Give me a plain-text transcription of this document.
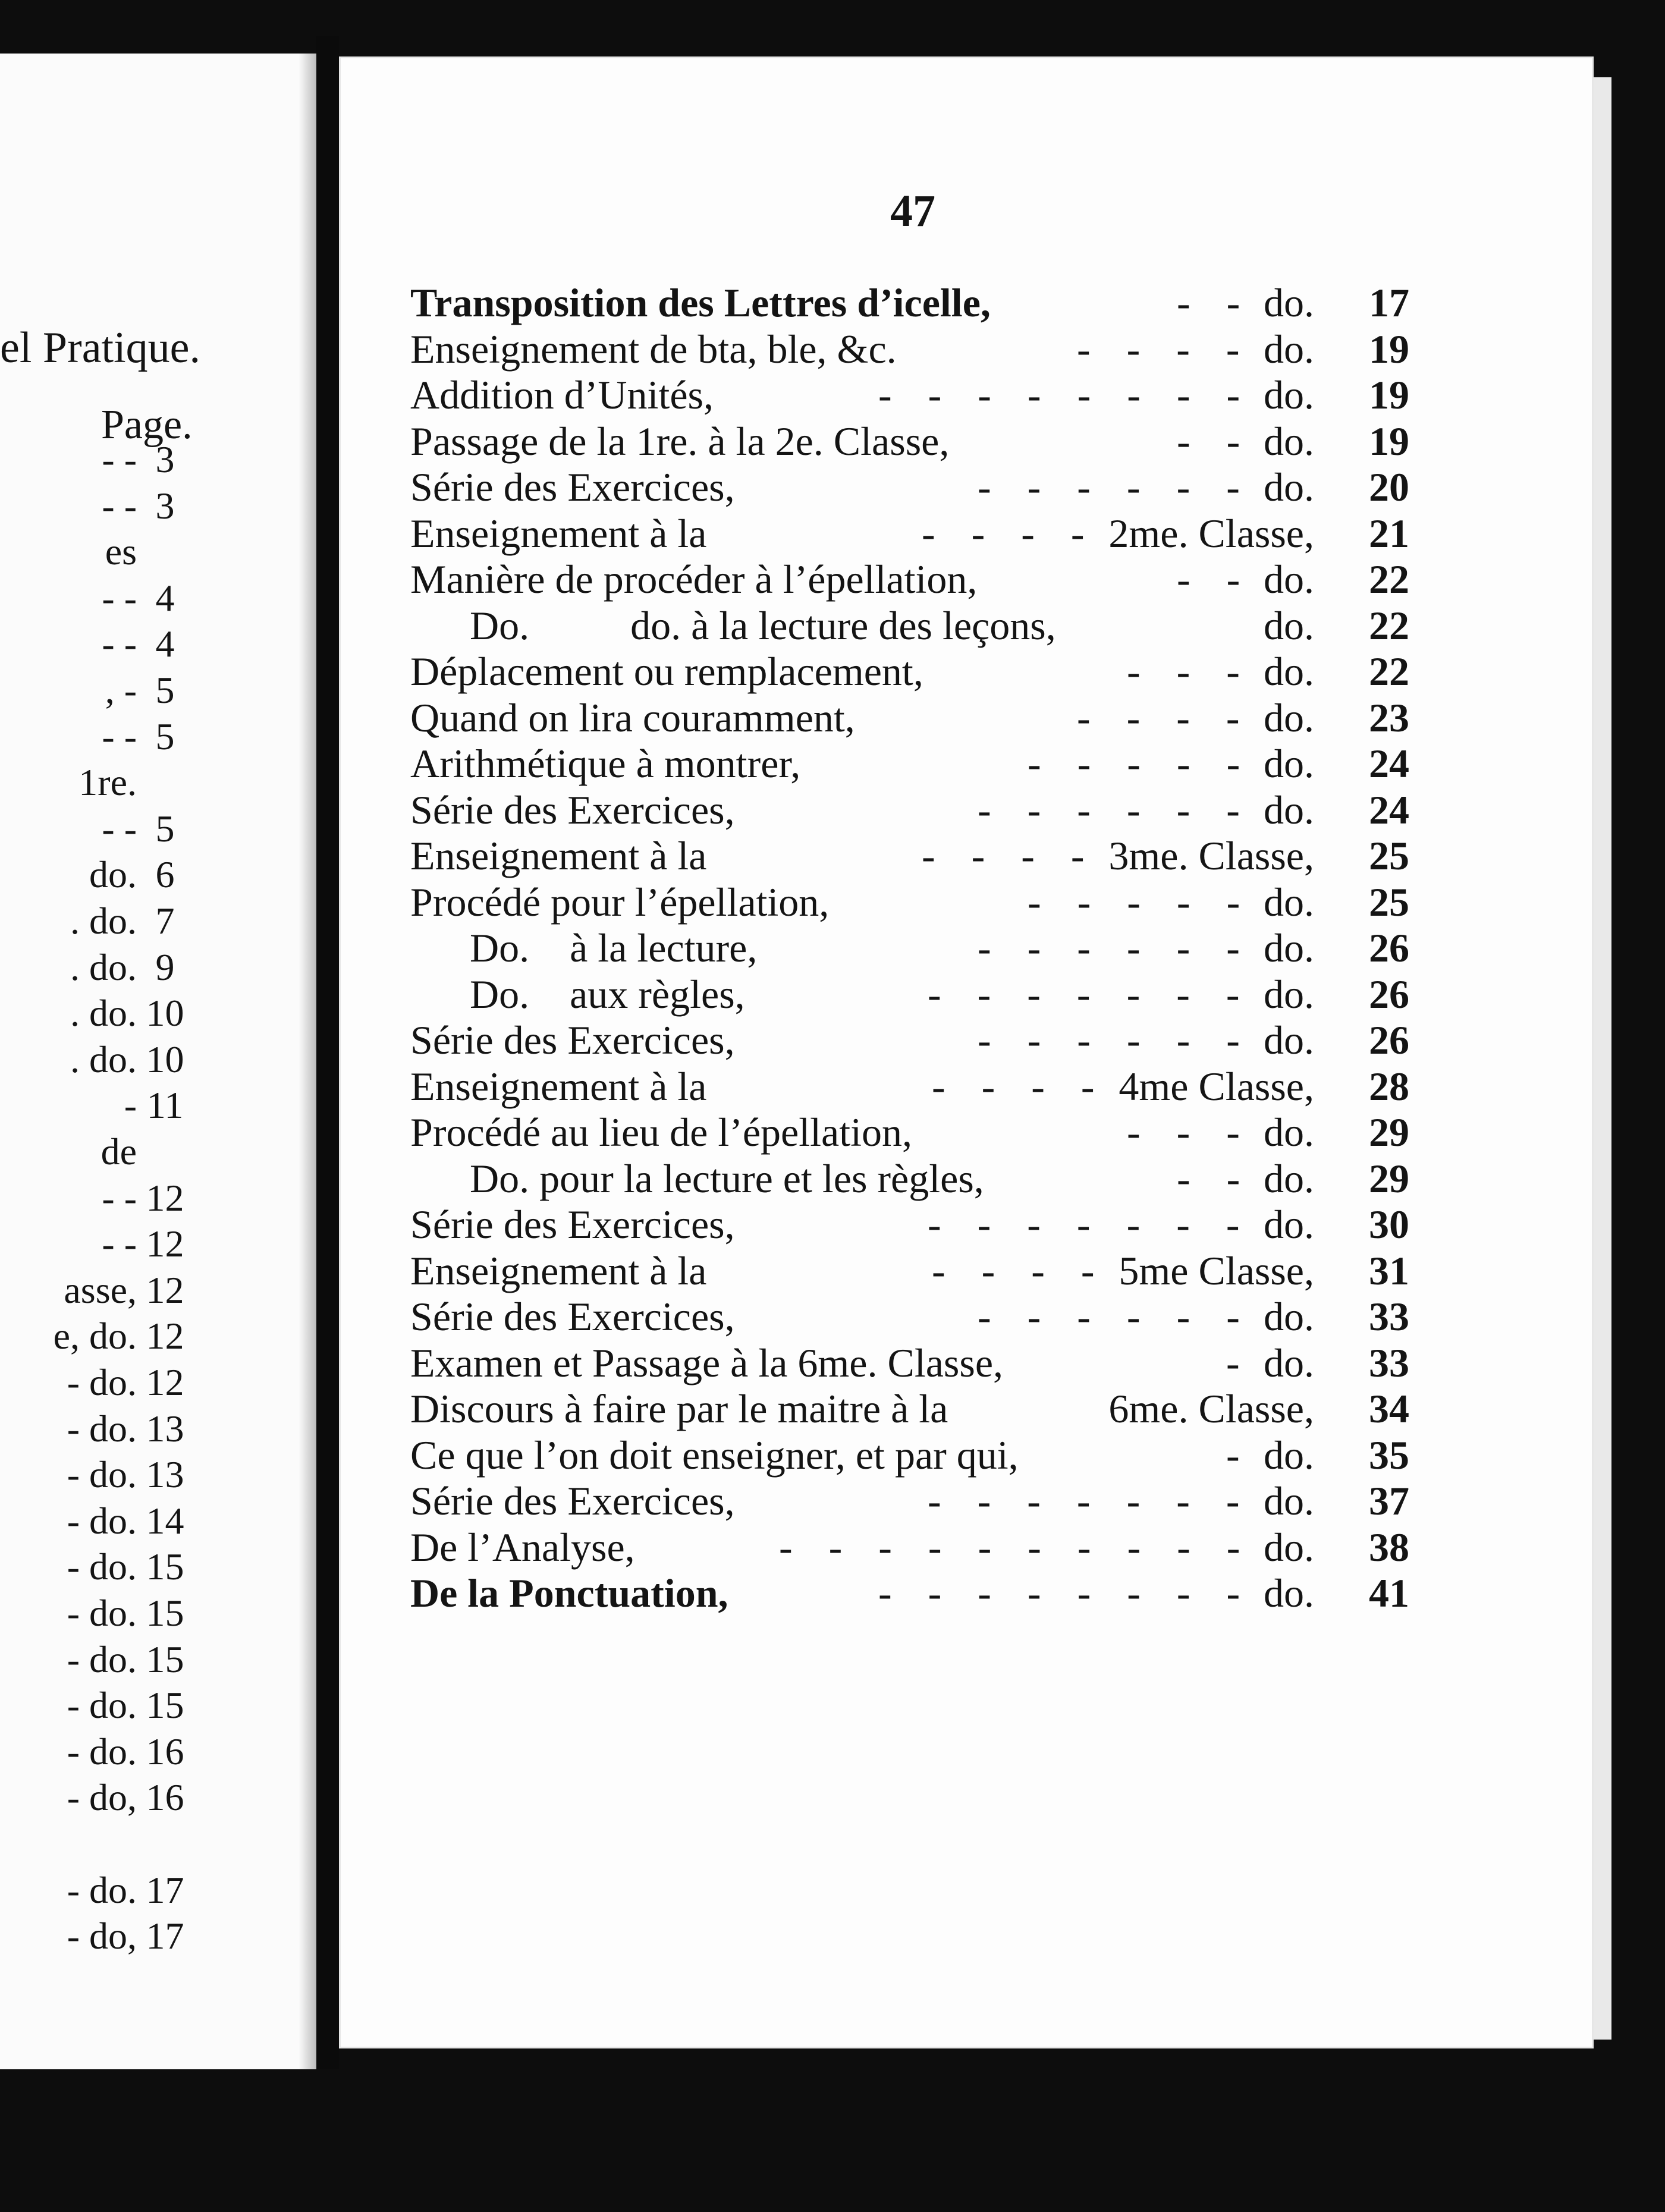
el Pratique.
Page.
- - 3
- - 3
es
- - 4
- - 4
, - 5
- - 5
1re.
- - 5
do. 6
. do. 7
. do. 9
. do. 10
. do. 10
- 11
de
- - 12
- - 12
asse, 12
e, do. 12
- do. 12
- do. 13
- do. 13
- do. 14
- do. 15
- do. 15
- do. 15
- do. 15
- do. 16
- do, 16
- do. 17
- do, 17
47
Transposition des Lettres d’icelle,	- - do.	17
Enseignement de bta, ble, &c.	- - - - do.	19
Addition d’Unités,	- - - - - - - - do.	19
Passage de la 1re. à la 2e. Classe,	- - do.	19
Série des Exercices,	- - - - - - do.	20
Enseignement à la	- - - - 2me. Classe,	21
Manière de procéder à l’épellation,	- - do.	22
Do.          do. à la lecture des leçons,	do.	22
Déplacement ou remplacement,	- - - do.	22
Quand on lira couramment,	- - - - do.	23
Arithmétique à montrer,	- - - - - do.	24
Série des Exercices,	- - - - - - do.	24
Enseignement à la	- - - - 3me. Classe,	25
Procédé pour l’épellation,	- - - - - do.	25
Do.    à la lecture,	- - - - - - do.	26
Do.    aux règles,	- - - - - - - do.	26
Série des Exercices,	- - - - - - do.	26
Enseignement à la	- - - - 4me Classe,	28
Procédé au lieu de l’épellation,	- - - do.	29
Do. pour la lecture et les règles,	- - do.	29
Série des Exercices,	- - - - - - - do.	30
Enseignement à la	- - - - 5me Classe,	31
Série des Exercices,	- - - - - - do.	33
Examen et Passage à la 6me. Classe,	- do.	33
Discours à faire par le maitre à la	6me. Classe,	34
Ce que l’on doit enseigner, et par qui,	- do.	35
Série des Exercices,	- - - - - - - do.	37
De l’Analyse,	- - - - - - - - - - do.	38
De la Ponctuation,	- - - - - - - - do.	41
